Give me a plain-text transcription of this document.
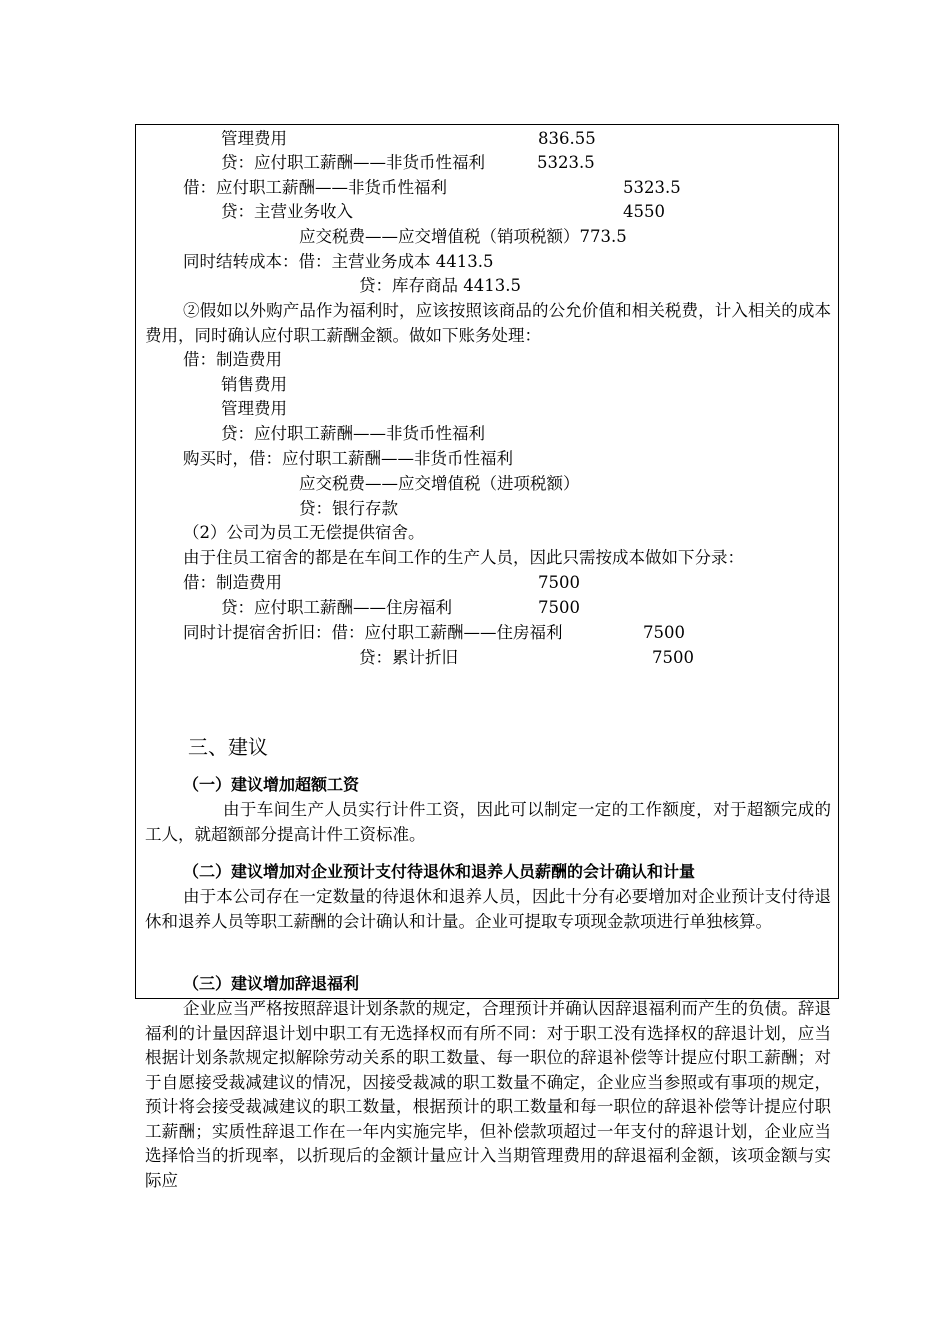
管理费用	836.55
贷：应付职工薪酬——非货币性福利	5323.5
借：应付职工薪酬——非货币性福利	5323.5
贷：主营业务收入	4550
应交税费——应交增值税（销项税额）773.5
同时结转成本：借：主营业务成本 4413.5
贷：库存商品 4413.5
②假如以外购产品作为福利时，应该按照该商品的公允价值和相关税费，计入相关的成本费用，同时确认应付职工薪酬金额。做如下账务处理：
借：制造费用
销售费用
管理费用
贷：应付职工薪酬——非货币性福利
购买时，借：应付职工薪酬——非货币性福利
应交税费——应交增值税（进项税额）
贷：银行存款
（2）公司为员工无偿提供宿舍。
由于住员工宿舍的都是在车间工作的生产人员，因此只需按成本做如下分录：
借：制造费用	7500
贷：应付职工薪酬——住房福利	7500
同时计提宿舍折旧：借：应付职工薪酬——住房福利	7500
贷：累计折旧	7500
三、建议
（一）建议增加超额工资
由于车间生产人员实行计件工资，因此可以制定一定的工作额度，对于超额完成的工人，就超额部分提高计件工资标准。
（二）建议增加对企业预计支付待退休和退养人员薪酬的会计确认和计量
由于本公司存在一定数量的待退休和退养人员，因此十分有必要增加对企业预计支付待退休和退养人员等职工薪酬的会计确认和计量。企业可提取专项现金款项进行单独核算。
（三）建议增加辞退福利
企业应当严格按照辞退计划条款的规定，合理预计并确认因辞退福利而产生的负债。辞退福利的计量因辞退计划中职工有无选择权而有所不同：对于职工没有选择权的辞退计划，应当根据计划条款规定拟解除劳动关系的职工数量、每一职位的辞退补偿等计提应付职工薪酬；对于自愿接受裁减建议的情况，因接受裁减的职工数量不确定，企业应当参照或有事项的规定，预计将会接受裁减建议的职工数量，根据预计的职工数量和每一职位的辞退补偿等计提应付职工薪酬；实质性辞退工作在一年内实施完毕，但补偿款项超过一年支付的辞退计划，企业应当选择恰当的折现率，以折现后的金额计量应计入当期管理费用的辞退福利金额，该项金额与实际应
